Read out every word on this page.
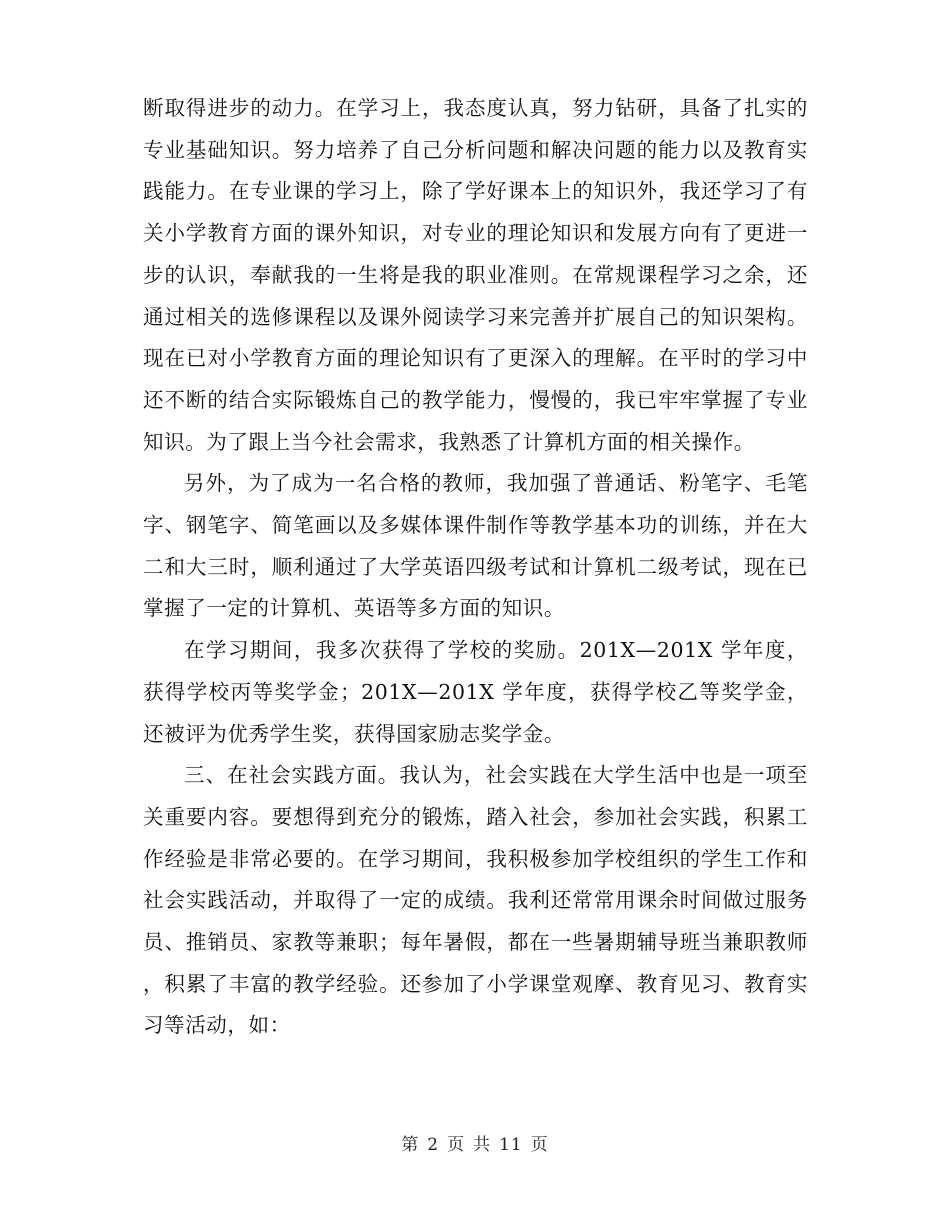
断取得进步的动力。在学习上，我态度认真，努力钻研，具备了扎实的专业基础知识。努力培养了自己分析问题和解决问题的能力以及教育实践能力。在专业课的学习上，除了学好课本上的知识外，我还学习了有关小学教育方面的课外知识，对专业的理论知识和发展方向有了更进一步的认识，奉献我的一生将是我的职业准则。在常规课程学习之余，还通过相关的选修课程以及课外阅读学习来完善并扩展自己的知识架构。现在已对小学教育方面的理论知识有了更深入的理解。在平时的学习中还不断的结合实际锻炼自己的教学能力，慢慢的，我已牢牢掌握了专业知识。为了跟上当今社会需求，我熟悉了计算机方面的相关操作。

另外，为了成为一名合格的教师，我加强了普通话、粉笔字、毛笔字、钢笔字、简笔画以及多媒体课件制作等教学基本功的训练，并在大二和大三时，顺利通过了大学英语四级考试和计算机二级考试，现在已掌握了一定的计算机、英语等多方面的知识。

在学习期间，我多次获得了学校的奖励。201X—201X 学年度，获得学校丙等奖学金；201X—201X 学年度，获得学校乙等奖学金，还被评为优秀学生奖，获得国家励志奖学金。

三、在社会实践方面。我认为，社会实践在大学生活中也是一项至关重要内容。要想得到充分的锻炼，踏入社会，参加社会实践，积累工作经验是非常必要的。在学习期间，我积极参加学校组织的学生工作和社会实践活动，并取得了一定的成绩。我利还常常用课余时间做过服务员、推销员、家教等兼职；每年暑假，都在一些暑期辅导班当兼职教师 ，积累了丰富的教学经验。还参加了小学课堂观摩、教育见习、教育实习等活动，如：

第 2 页 共 11 页
